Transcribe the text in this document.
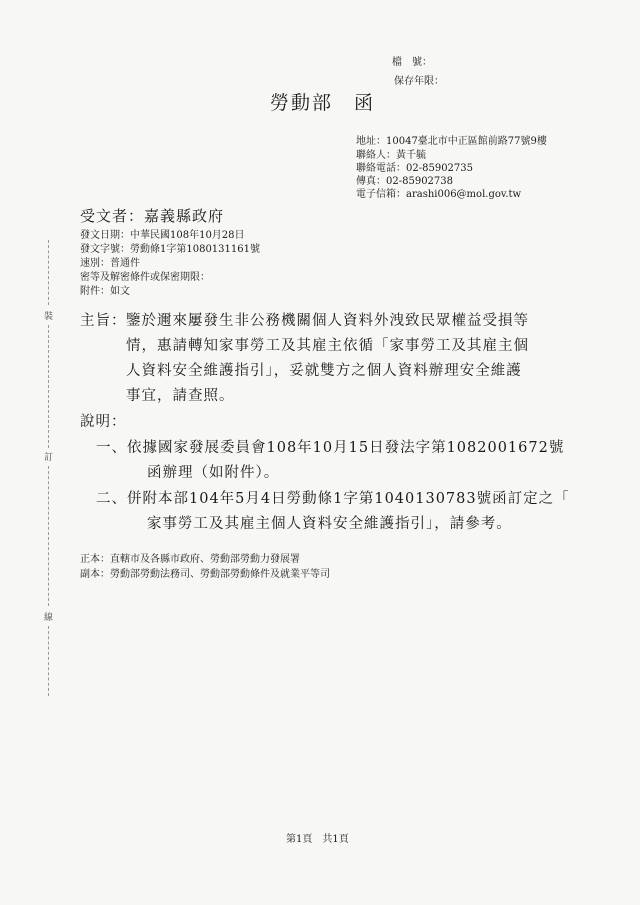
檔　號：
保存年限：
勞動部　函
地址：10047臺北市中正區館前路77號9樓
聯絡人：黃千毓
聯絡電話：02-85902735
傳真：02-85902738
電子信箱：arashi006@mol.gov.tw
受文者：嘉義縣政府
發文日期：中華民國108年10月28日
發文字號：勞動條1字第1080131161號
速別：普通件
密等及解密條件或保密期限：
附件：如文
主旨： 鑒於邇來屢發生非公務機關個人資料外洩致民眾權益受損等
情，惠請轉知家事勞工及其雇主依循「家事勞工及其雇主個
人資料安全維護指引」，妥就雙方之個人資料辦理安全維護
事宜，請查照。
說明：
一、依據國家發展委員會108年10月15日發法字第1082001672號
函辦理（如附件）。
二、併附本部104年5月4日勞動條1字第1040130783號函訂定之「
家事勞工及其雇主個人資料安全維護指引」，請參考。
正本：直轄市及各縣市政府、勞動部勞動力發展署
副本：勞動部勞動法務司、勞動部勞動條件及就業平等司
裝
訂
線
第1頁　共1頁
